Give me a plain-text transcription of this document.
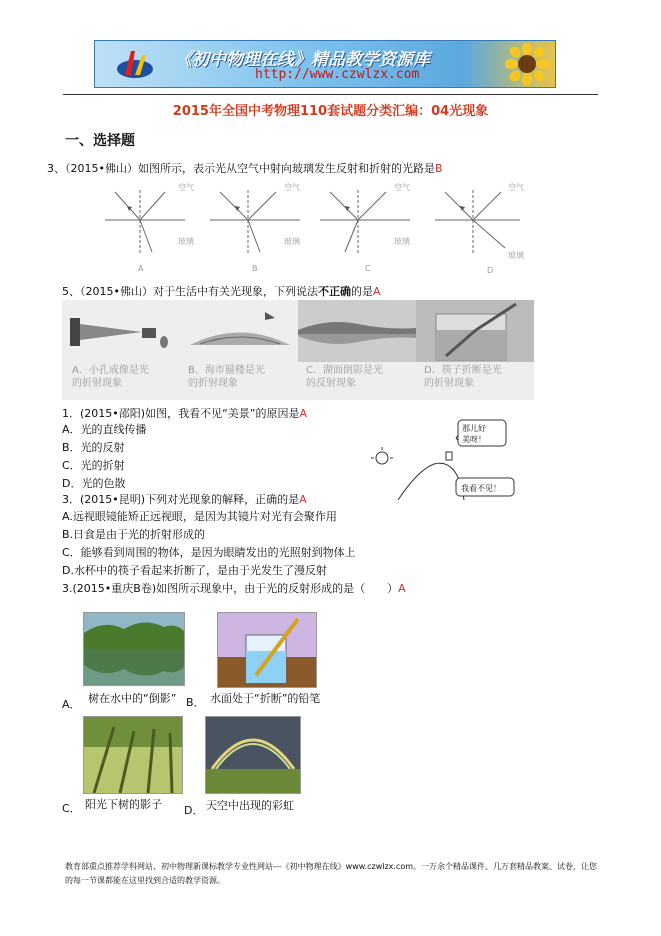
《初中物理在线》精品教学资源库
http://www.czwlzx.com
2015年全国中考物理110套试题分类汇编：04光现象
一、选择题
3、（2015•佛山）如图所示，表示光从空气中射向玻璃发生反射和折射的光路是B
空气
玻璃
空气
玻璃
空气
玻璃
空气
玻璃
A	B	C	D
5、（2015•佛山）对于生活中有关光现象，下列说法不正确的是A
A．小孔成像是光
的折射现象
B．海市蜃楼是光
的折射现象
C．湖面倒影是光
的反射现象
D．筷子折断是光
的折射现象
1．(2015•邵阳)如图，我看不见“美景”的原因是A
A．光的直线传播
B．光的反射
C．光的折射
D．光的色散
那儿好
美呀！
我看不见！
3．(2015•昆明)下列对光现象的解释，正确的是A
A.远视眼镜能矫正远视眼，是因为其镜片对光有会聚作用
B.日食是由于光的折射形成的
C．能够看到周围的物体，是因为眼睛发出的光照射到物体上
D.水杯中的筷子看起来折断了，是由于光发生了漫反射
3.(2015•重庆B卷)如图所示现象中，由于光的反射形成的是（　　）A
A． 树在水中的“倒影” B． 水面处于“折断”的铅笔
C． 阳光下树的影子 D． 天空中出现的彩虹
教育部重点推荐学科网站、初中物理新课标教学专业性网站---《初中物理在线》www.czwlzx.com。一万余个精品课件、几万套精品教案、试卷，让您的每一节课都能在这里找到合适的教学资源。
